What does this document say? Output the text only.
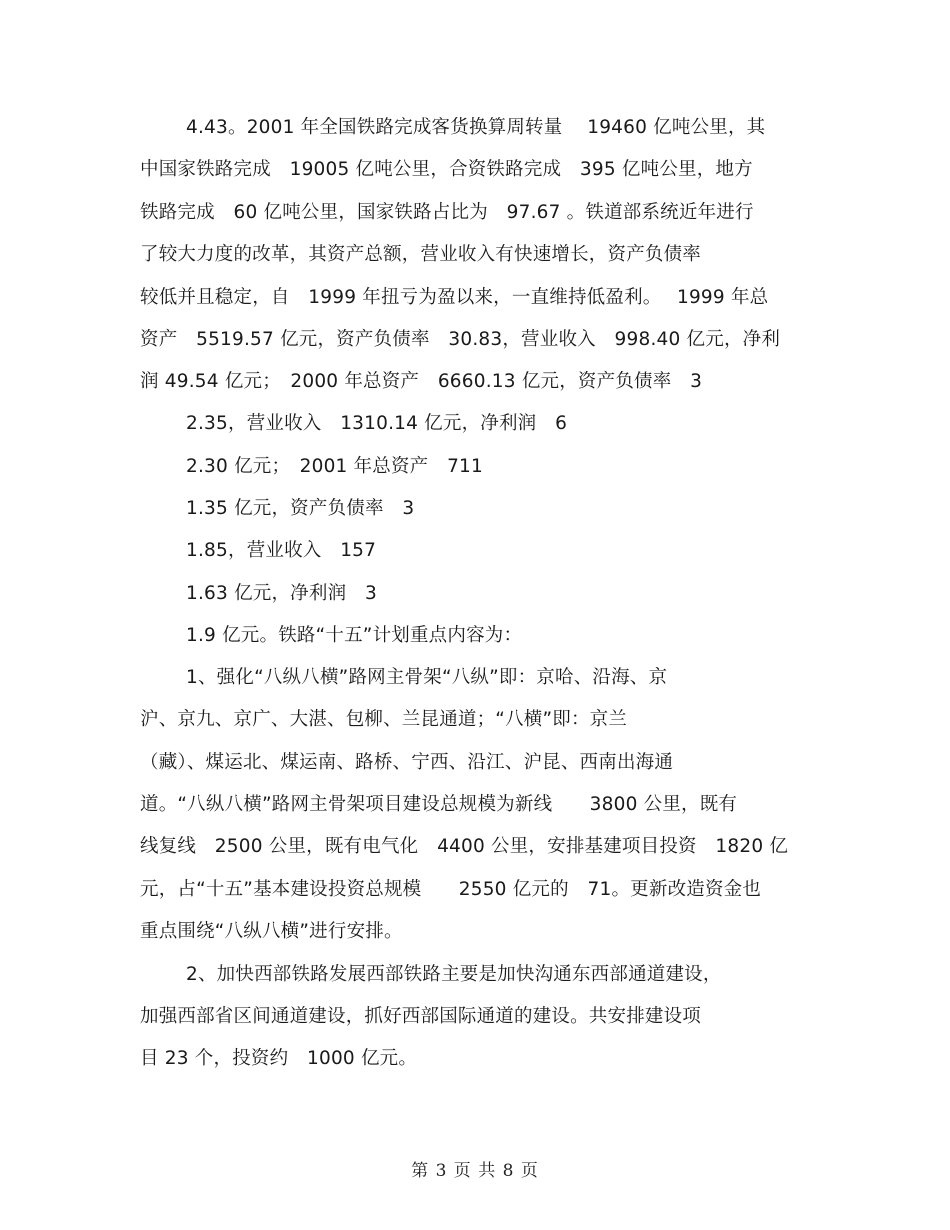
4.43。2001 年全国铁路完成客货换算周转量　 19460 亿吨公里，其
中国家铁路完成　19005 亿吨公里，合资铁路完成　395 亿吨公里，地方
铁路完成　60 亿吨公里，国家铁路占比为　97.67 。铁道部系统近年进行
了较大力度的改革，其资产总额，营业收入有快速增长，资产负债率
较低并且稳定，自　1999 年扭亏为盈以来，一直维持低盈利。　 1999 年总
资产　5519.57 亿元，资产负债率　30.83，营业收入　998.40 亿元，净利
润 49.54 亿元；　2000 年总资产　6660.13 亿元，资产负债率　3
2.35，营业收入　1310.14 亿元，净利润　6
2.30 亿元；　2001 年总资产　711
1.35 亿元，资产负债率　3
1.85，营业收入　157
1.63 亿元，净利润　3
1.9 亿元。铁路“十五”计划重点内容为：
1、强化“八纵八横”路网主骨架“八纵”即：京哈、沿海、京
沪、京九、京广、大湛、包柳、兰昆通道；“八横”即：京兰
（藏）、煤运北、煤运南、路桥、宁西、沿江、沪昆、西南出海通
道。“八纵八横”路网主骨架项目建设总规模为新线　　3800 公里，既有
线复线　2500 公里，既有电气化　4400 公里，安排基建项目投资　1820 亿
元，占“十五”基本建设投资总规模　　2550 亿元的　71。更新改造资金也
重点围绕“八纵八横”进行安排。
2、加快西部铁路发展西部铁路主要是加快沟通东西部通道建设，
加强西部省区间通道建设，抓好西部国际通道的建设。共安排建设项
目 23 个，投资约　1000 亿元。
第 3 页 共 8 页
